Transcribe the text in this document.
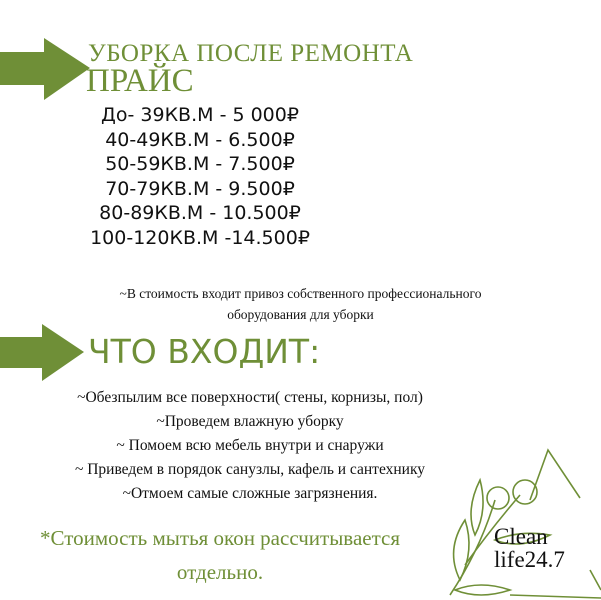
УБОРКА ПОСЛЕ РЕМОНТА
ПРАЙС
До- 39КВ.М - 5 000₽
40-49КВ.М - 6.500₽
50-59КВ.М - 7.500₽
70-79КВ.М - 9.500₽
80-89КВ.М - 10.500₽
100-120КВ.М -14.500₽
~В стоимость входит привоз собственного профессионального
оборудования для уборки
ЧТО ВХОДИТ:
~Обезпылим все поверхности( стены, корнизы, пол)
~Проведем влажную уборку
~ Помоем всю мебель внутри и снаружи
~ Приведем в порядок санузлы, кафель и сантехнику
~Отмоем самые сложные загрязнения.
*Стоимость мытья окон рассчитывается
отдельно.
Clean
life24.7
